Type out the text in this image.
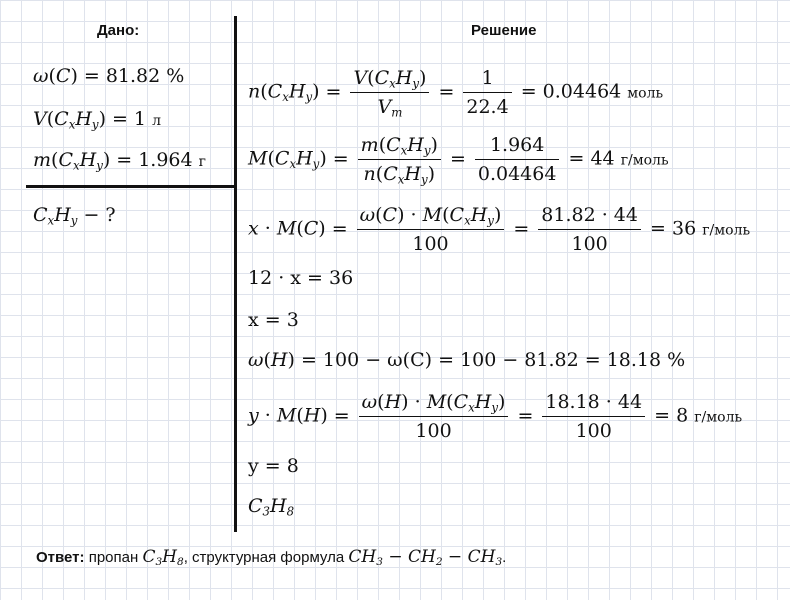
Дано:	Решение
ω(C) = 81.82 %
$V(C_xH_y) = 1$ л
$m(C_xH_y) = 1.964$ г
$C_xH_y$ − ?
$n(C_xH_y) = \frac{V(C_xH_y)}{V_m} = \frac{1}{22.4} = 0.04464$ моль
$M(C_xH_y) = \frac{m(C_xH_y)}{n(C_xH_y)} = \frac{1.964}{0.04464} = 44$ г/моль
$x \cdot M(C) = \frac{\omega(C) \cdot M(C_xH_y)}{100} = \frac{81.82 \cdot 44}{100} = 36$ г/моль
12 · x = 36
x = 3
ω(H) = 100 − ω(C) = 100 − 81.82 = 18.18 %
$y \cdot M(H) = \frac{\omega(H) \cdot M(C_xH_y)}{100} = \frac{18.18 \cdot 44}{100} = 8$ г/моль
y = 8
$C_3H_8$
Ответ: пропан $C_3H_8$, структурная формула $CH_3 - CH_2 - CH_3$.
